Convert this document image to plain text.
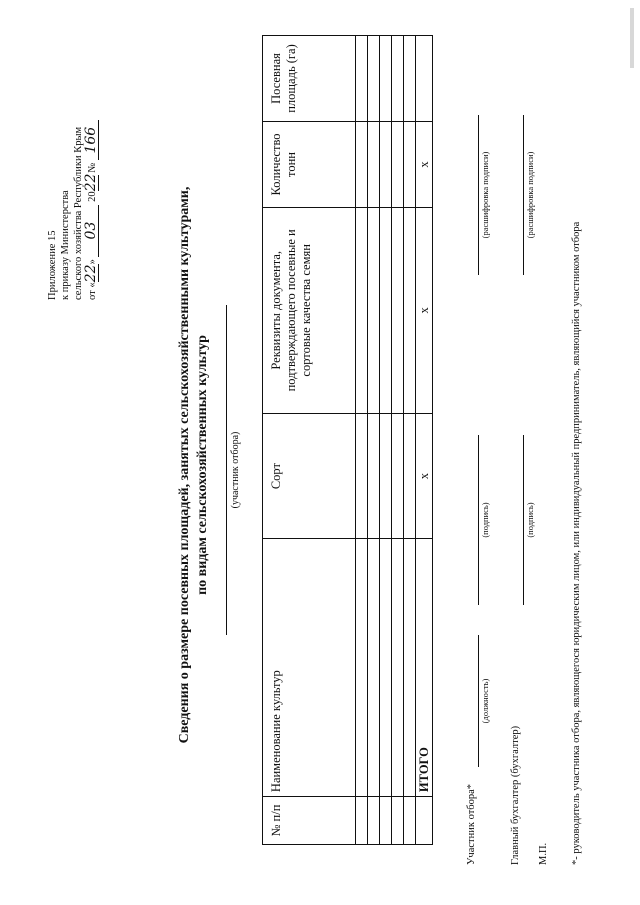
Приложение 15 к приказу Министерства сельского хозяйства Республики Крым от «22» 03 2022 № 166
Сведения о размере посевных площадей, занятых сельскохозяйственными культурами, по видам сельскохозяйственных культур (участник отбора)
№ п/п	Наименование культур	Сорт	Реквизиты документа, подтверждающего посевные и сортовые качества семян	Количество тонн	Посевная площадь (га)

	ИТОГО	х	х	х	
Участник отбора*
(должность)
(подпись)
(расшифровка подписи)
Главный бухгалтер (бухгалтер)
(подпись)
(расшифровка подписи)
М.П. *- руководитель участника отбора, являющегося юридическим лицом, или индивидуальный предприниматель, являющийся участником отбора
